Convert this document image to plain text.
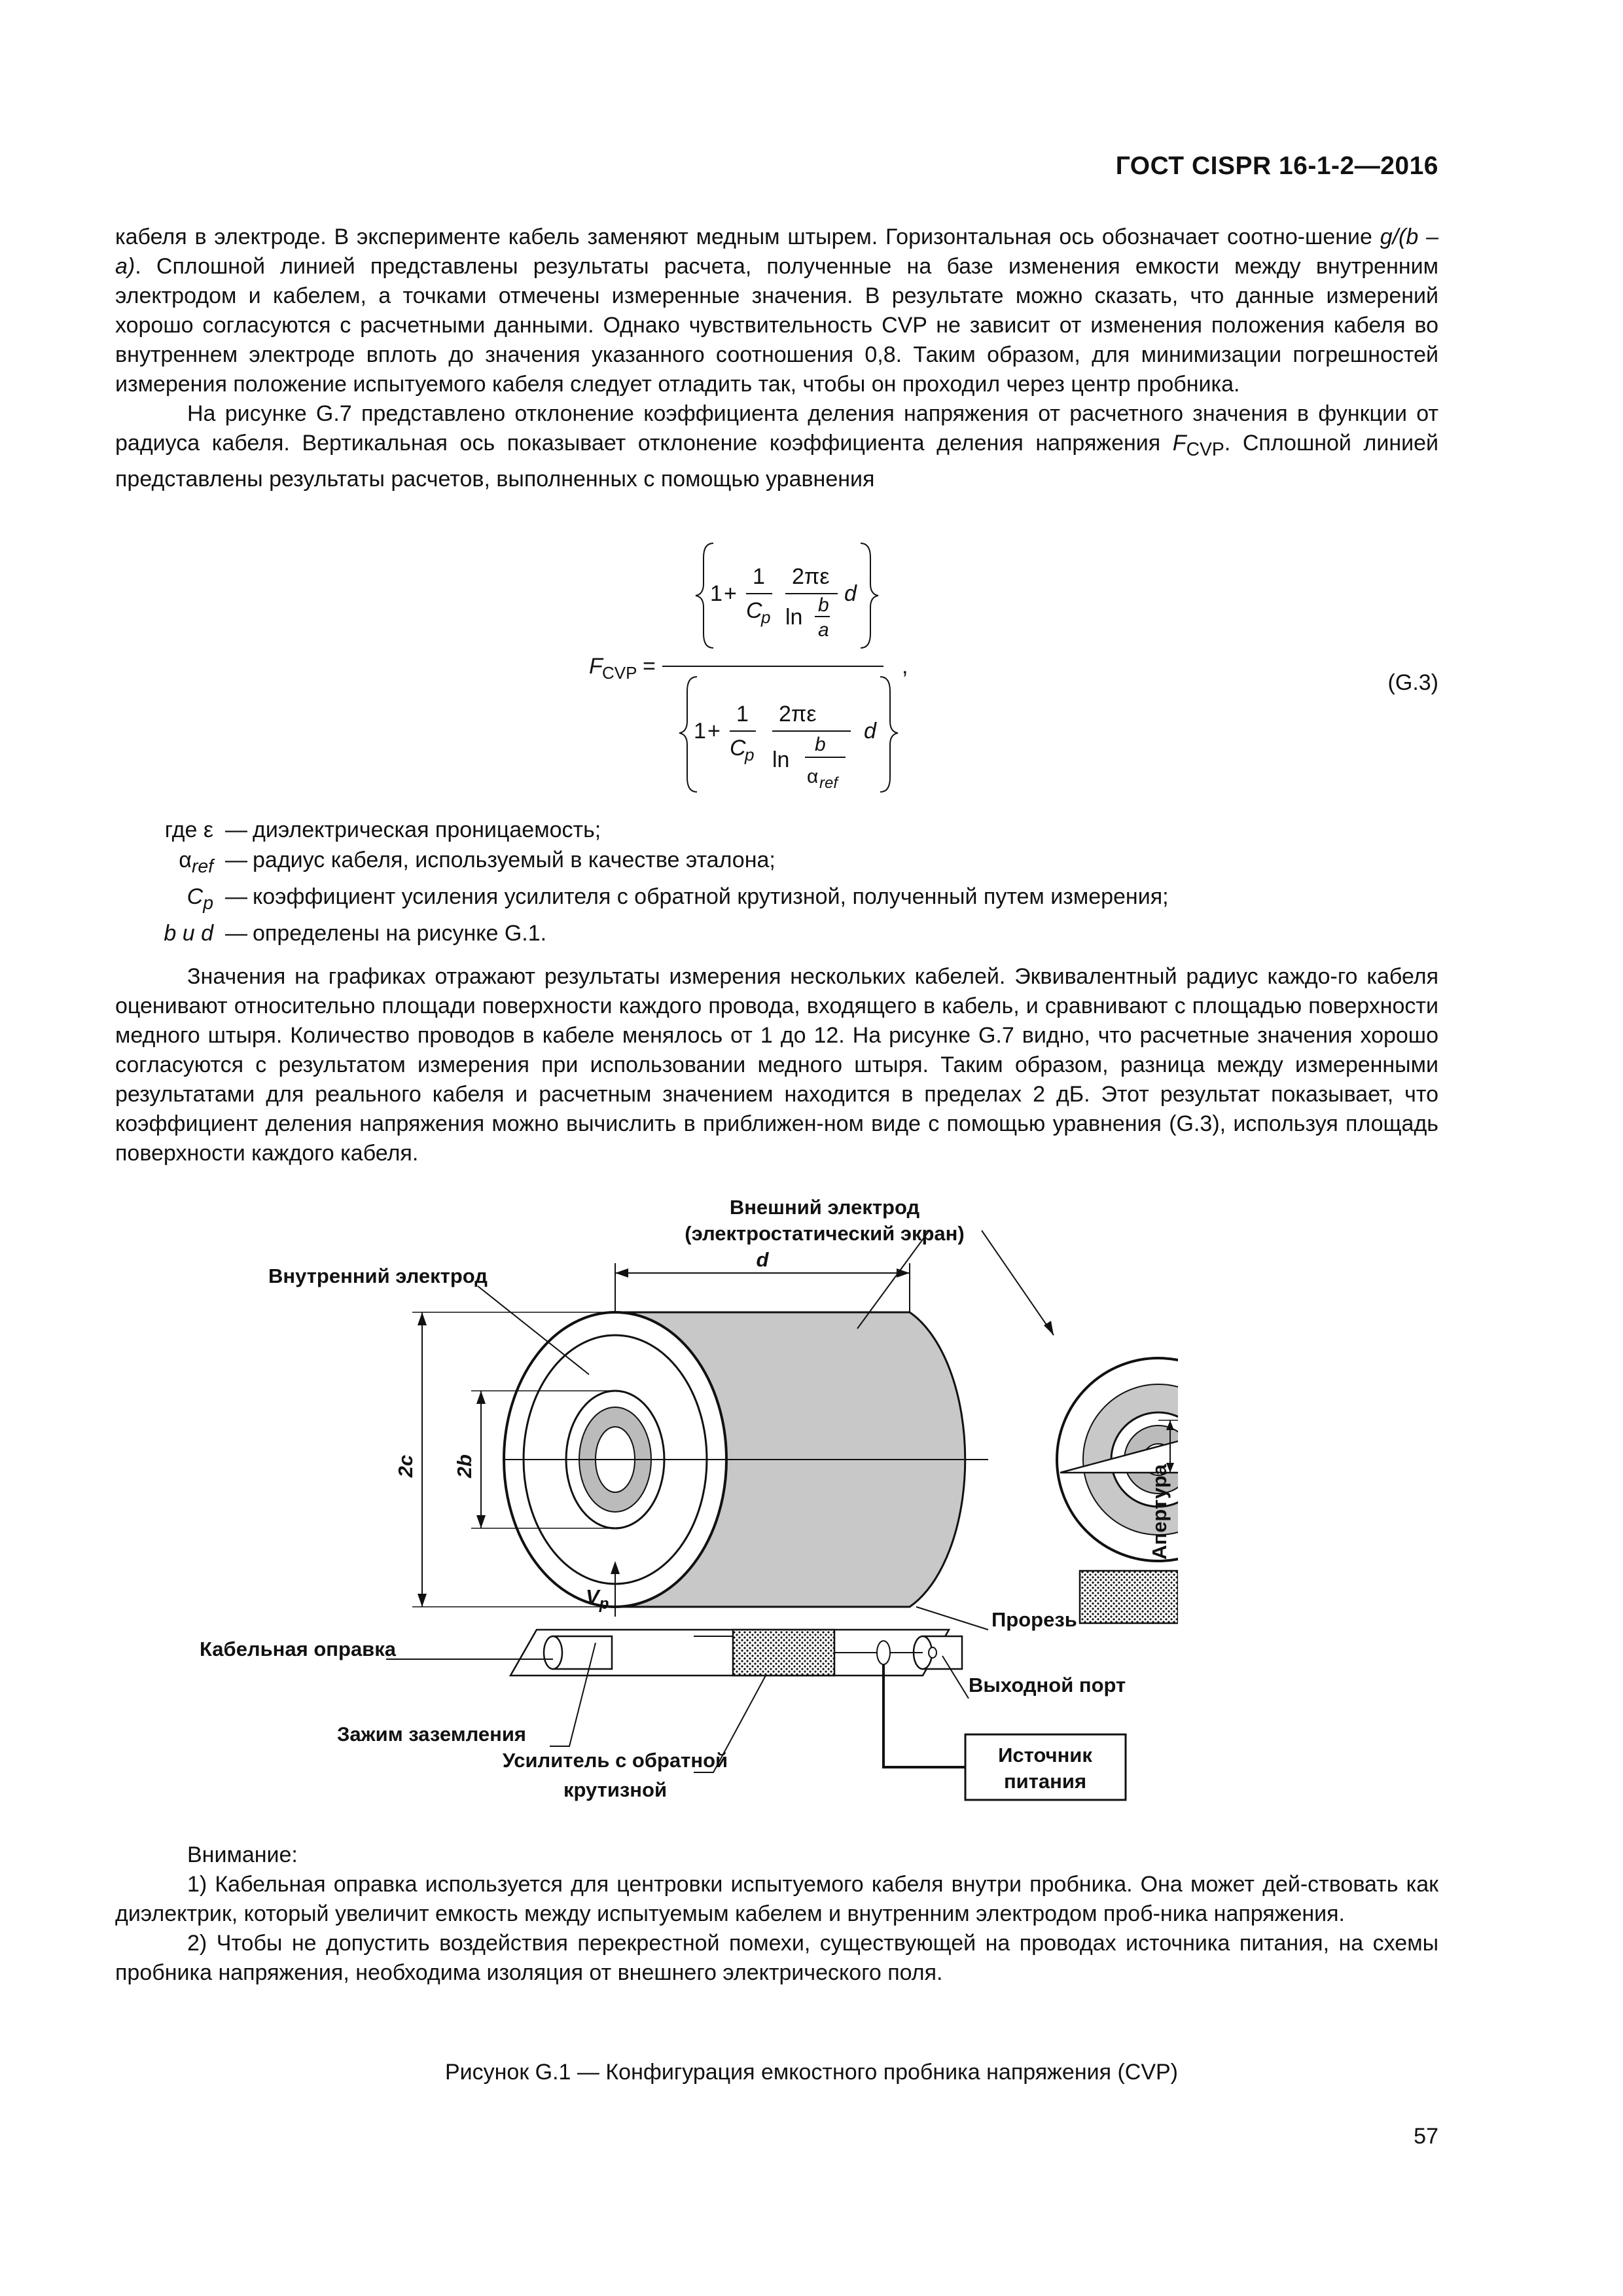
ГОСТ CISPR 16-1-2—2016

кабеля в электроде. В эксперименте кабель заменяют медным штырем. Горизонтальная ось обозначает соотно-шение g/(b – a). Сплошной линией представлены результаты расчета, полученные на базе изменения емкости между внутренним электродом и кабелем, а точками отмечены измеренные значения. В результате можно сказать, что данные измерений хорошо согласуются с расчетными данными. Однако чувствительность CVP не зависит от изменения положения кабеля во внутреннем электроде вплоть до значения указанного соотношения 0,8. Таким образом, для минимизации погрешностей измерения положение испытуемого кабеля следует отладить так, чтобы он проходил через центр пробника.

На рисунке G.7 представлено отклонение коэффициента деления напряжения от расчетного значения в функции от радиуса кабеля. Вертикальная ось показывает отклонение коэффициента деления напряжения $F_{CVP}$. Сплошной линией представлены результаты расчетов, выполненных с помощью уравнения

F CVP =
1 +
1
C
p
2πε
ln b
a
d
1 +
1
C
p
2πε
ln
b
α ref
d
,
(G.3)
где ε — диэлектрическая проницаемость;
$\alpha_{ref}$ — радиус кабеля, используемый в качестве эталона;
$C_p$ — коэффициент усиления усилителя с обратной крутизной, полученный путем измерения;
b и d — определены на рисунке G.1.

Значения на графиках отражают результаты измерения нескольких кабелей. Эквивалентный радиус каждо-го кабеля оценивают относительно площади поверхности каждого провода, входящего в кабель, и сравнивают с площадью поверхности медного штыря. Количество проводов в кабеле менялось от 1 до 12. На рисунке G.7 видно, что расчетные значения хорошо согласуются с результатом измерения при использовании медного штыря. Таким образом, разница между измеренными результатами для реального кабеля и расчетным значением находится в пределах 2 дБ. Этот результат показывает, что коэффициент деления напряжения можно вычислить в приближен-ном виде с помощью уравнения (G.3), используя площадь поверхности каждого кабеля.

Внешний электрод
(электростатический экран)
Внутренний электрод
d
2c 2b
$V_p$
Источник
питания
Кабельная оправка
Зажим заземления
Усилитель с обратной
крутизной
Прорезь
Выходной порт
Апертура

Внимание:

1) Кабельная оправка используется для центровки испытуемого кабеля внутри пробника. Она может дей-ствовать как диэлектрик, который увеличит емкость между испытуемым кабелем и внутренним электродом проб-ника напряжения.

2) Чтобы не допустить воздействия перекрестной помехи, существующей на проводах источника питания, на схемы пробника напряжения, необходима изоляция от внешнего электрического поля.

Рисунок G.1 — Конфигурация емкостного пробника напряжения (CVP)
57
